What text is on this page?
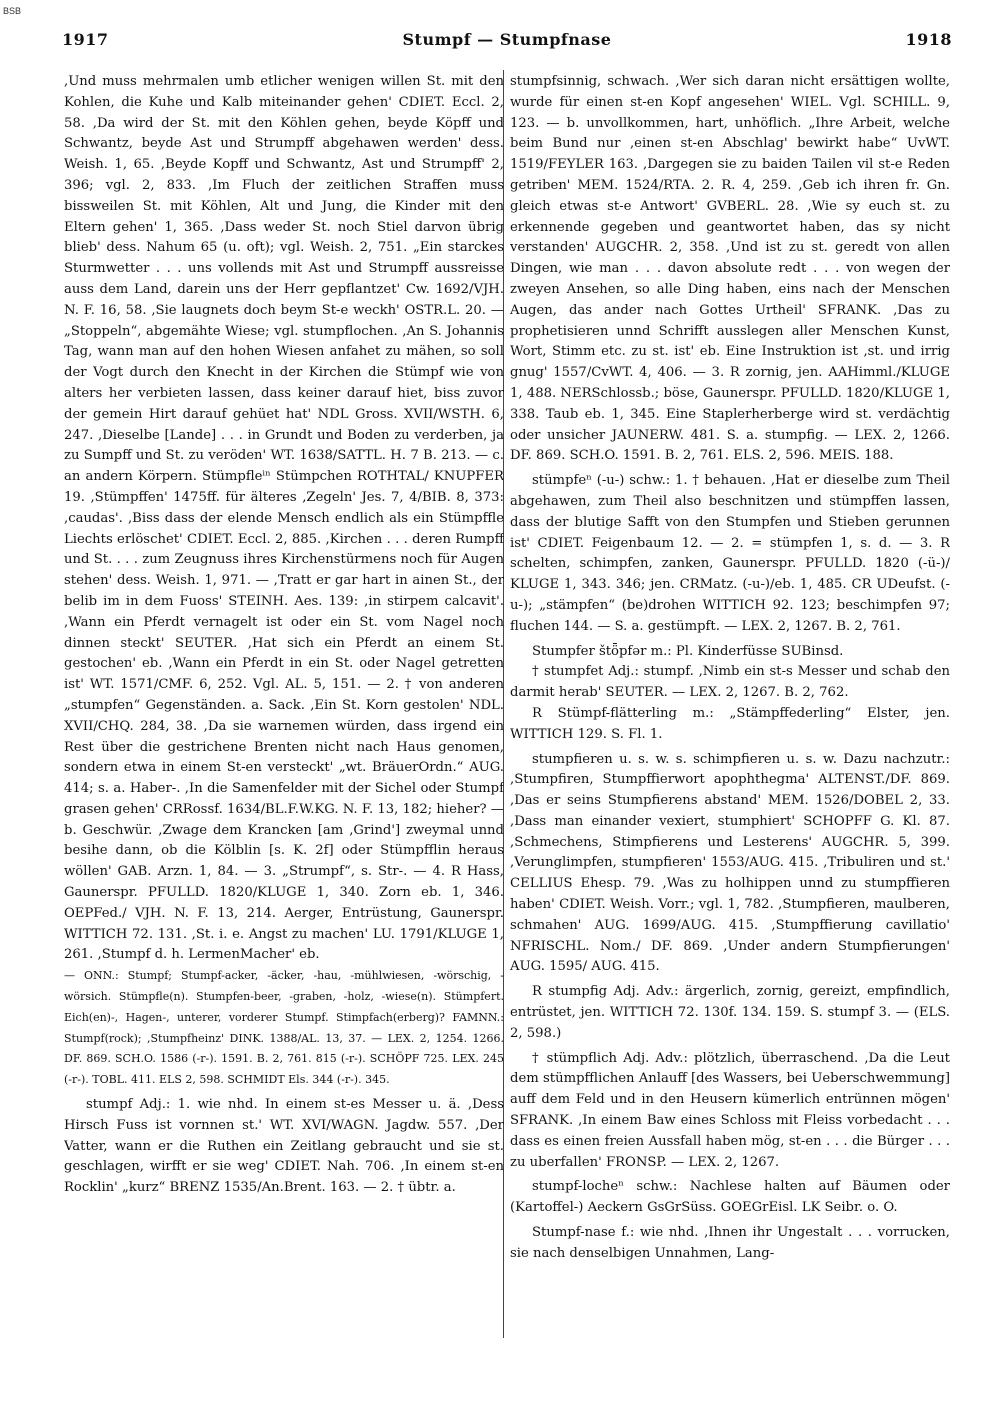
BSB
1917	Stumpf — Stumpfnase	1918

,Und muss mehrmalen umb etlicher wenigen willen St. mit den Kohlen, die Kuhe und Kalb miteinander gehen' CDIET. Eccl. 2, 58. ,Da wird der St. mit den Köhlen gehen, beyde Köpff und Schwantz, beyde Ast und Strumpff abgehawen werden' dess. Weish. 1, 65. ,Beyde Kopff und Schwantz, Ast und Strumpff' 2, 396; vgl. 2, 833. ,Im Fluch der zeitlichen Straffen muss bissweilen St. mit Köhlen, Alt und Jung, die Kinder mit den Eltern gehen' 1, 365. ,Dass weder St. noch Stiel darvon übrig blieb' dess. Nahum 65 (u. oft); vgl. Weish. 2, 751. „Ein starckes Sturmwetter . . . uns vollends mit Ast und Strumpff aussreisse auss dem Land, darein uns der Herr gepflantzet' Cw. 1692/VJH. N. F. 16, 58. ,Sie laugnets doch beym St-e weckh' OSTR.L. 20. — „Stoppeln“, abgemähte Wiese; vgl. stumpflochen. ,An S. Johannis Tag, wann man auf den hohen Wiesen anfahet zu mähen, so soll der Vogt durch den Knecht in der Kirchen die Stümpf wie von alters her verbieten lassen, dass keiner darauf hiet, biss zuvor der gemein Hirt darauf gehüet hat' NDL Gross. XVII/WSTH. 6, 247. ,Dieselbe [Lande] . . . in Grundt und Boden zu verderben, ja zu Sumpff und St. zu veröden' WT. 1638/SATTL. H. 7 B. 213. — c. an andern Körpern. Stümpfleⁱⁿ Stümpchen ROTHTAL/ KNUPFER 19. ,Stümpffen' 1475ff. für älteres ,Zegeln' Jes. 7, 4/BIB. 8, 373: ,caudas'. ,Biss dass der elende Mensch endlich als ein Stümpffle Liechts erlöschet' CDIET. Eccl. 2, 885. ,Kirchen . . . deren Rumpff und St. . . . zum Zeugnuss ihres Kirchenstürmens noch für Augen stehen' dess. Weish. 1, 971. — ,Tratt er gar hart in ainen St., der belib im in dem Fuoss' STEINH. Aes. 139: ,in stirpem calcavit'. ,Wann ein Pferdt vernagelt ist oder ein St. vom Nagel noch dinnen steckt' SEUTER. ,Hat sich ein Pferdt an einem St. gestochen' eb. ,Wann ein Pferdt in ein St. oder Nagel getretten ist' WT. 1571/CMF. 6, 252. Vgl. AL. 5, 151. — 2. † von anderen „stumpfen“ Gegenständen. a. Sack. ,Ein St. Korn gestolen' NDL. XVII/CHQ. 284, 38. ,Da sie warnemen würden, dass irgend ein Rest über die gestrichene Brenten nicht nach Haus genomen, sondern etwa in einem St-en versteckt' „wt. BräuerOrdn.“ AUG. 414; s. a. Haber-. ,In die Samenfelder mit der Sichel oder Stumpf grasen gehen' CRRossf. 1634/BL.F.W.KG. N. F. 13, 182; hieher? — b. Geschwür. ,Zwage dem Krancken [am ,Grind'] zweymal unnd besihe dann, ob die Kölblin [s. K. 2f] oder Stümpfflin heraus wöllen' GAB. Arzn. 1, 84. — 3. „Strumpf“, s. Str-. — 4. R Hass, Gaunerspr. PFULLD. 1820/KLUGE 1, 340. Zorn eb. 1, 346. OEPFed./ VJH. N. F. 13, 214. Aerger, Entrüstung, Gaunerspr. WITTICH 72. 131. ,St. i. e. Angst zu machen' LU. 1791/KLUGE 1, 261. ,Stumpf d. h. LermenMacher' eb.

— ONN.: Stumpf; Stumpf-acker, -äcker, -hau, -mühlwiesen, -wörschig, -wörsich. Stümpfle(n). Stumpfen-beer, -graben, -holz, -wiese(n). Stümpfert. Eich(en)-, Hagen-, unterer, vorderer Stumpf. Stimpfach(erberg)? FAMNN.: Stumpf(rock); ,Stumpfheinz' DINK. 1388/AL. 13, 37. — LEX. 2, 1254. 1266. DF. 869. SCH.O. 1586 (-r-). 1591. B. 2, 761. 815 (-r-). SCHÖPF 725. LEX. 245 (-r-). TOBL. 411. ELS 2, 598. SCHMIDT Els. 344 (-r-). 345.

stumpf Adj.: 1. wie nhd. In einem st-es Messer u. ä. ,Dess Hirsch Fuss ist vornnen st.' WT. XVI/WAGN. Jagdw. 557. ,Der Vatter, wann er die Ruthen ein Zeitlang gebraucht und sie st. geschlagen, wirfft er sie weg' CDIET. Nah. 706. ,In einem st-en Rocklin' „kurz“ BRENZ 1535/An.Brent. 163. — 2. † übtr. a.

stumpfsinnig, schwach. ,Wer sich daran nicht ersättigen wollte, wurde für einen st-en Kopf angesehen' WIEL. Vgl. SCHILL. 9, 123. — b. unvollkommen, hart, unhöflich. „Ihre Arbeit, welche beim Bund nur ,einen st-en Abschlag' bewirkt habe“ UvWT. 1519/FEYLER 163. ,Dargegen sie zu baiden Tailen vil st-e Reden getriben' MEM. 1524/RTA. 2. R. 4, 259. ,Geb ich ihren fr. Gn. gleich etwas st-e Antwort' GVBERL. 28. ,Wie sy euch st. zu erkennende gegeben und geantwortet haben, das sy nicht verstanden' AUGCHR. 2, 358. ,Und ist zu st. geredt von allen Dingen, wie man . . . davon absolute redt . . . von wegen der zweyen Ansehen, so alle Ding haben, eins nach der Menschen Augen, das ander nach Gottes Urtheil' SFRANK. ,Das zu prophetisieren unnd Schrifft ausslegen aller Menschen Kunst, Wort, Stimm etc. zu st. ist' eb. Eine Instruktion ist ,st. und irrig gnug' 1557/CvWT. 4, 406. — 3. R zornig, jen. AAHimml./KLUGE 1, 488. NERSchlossb.; böse, Gaunerspr. PFULLD. 1820/KLUGE 1, 338. Taub eb. 1, 345. Eine Staplerherberge wird st. verdächtig oder unsicher JAUNERW. 481. S. a. stumpfig. — LEX. 2, 1266. DF. 869. SCH.O. 1591. B. 2, 761. ELS. 2, 596. MEIS. 188.

stümpfeⁿ (-u-) schw.: 1. † behauen. ,Hat er dieselbe zum Theil abgehawen, zum Theil also beschnitzen und stümpffen lassen, dass der blutige Safft von den Stumpfen und Stieben gerunnen ist' CDIET. Feigenbaum 12. — 2. = stümpfen 1, s. d. — 3. R schelten, schimpfen, zanken, Gaunerspr. PFULLD. 1820 (-ü-)/ KLUGE 1, 343. 346; jen. CRMatz. (-u-)/eb. 1, 485. CR UDeufst. (-u-); „stämpfen“ (be)drohen WITTICH 92. 123; beschimpfen 97; fluchen 144. — S. a. gestümpft. — LEX. 2, 1267. B. 2, 761.

Stumpfer štȫpfər m.: Pl. Kinderfüsse SUBinsd.

† stumpfet Adj.: stumpf. ,Nimb ein st-s Messer und schab den darmit herab' SEUTER. — LEX. 2, 1267. B. 2, 762.

R Stümpf-flätterling m.: „Stämpffederling“ Elster, jen. WITTICH 129. S. Fl. 1.

stumpfieren u. s. w. s. schimpfieren u. s. w. Dazu nachzutr.: ,Stumpfiren, Stumpffierwort apophthegma' ALTENST./DF. 869. ,Das er seins Stumpfierens abstand' MEM. 1526/DOBEL 2, 33. ,Dass man einander vexiert, stumphiert' SCHOPFF G. Kl. 87. ,Schmechens, Stimpfierens und Lesterens' AUGCHR. 5, 399. ,Verunglimpfen, stumpfieren' 1553/AUG. 415. ,Tribuliren und st.' CELLIUS Ehesp. 79. ,Was zu holhippen unnd zu stumpffieren haben' CDIET. Weish. Vorr.; vgl. 1, 782. ,Stumpfieren, maulberen, schmahen' AUG. 1699/AUG. 415. ,Stumpffierung cavillatio' NFRISCHL. Nom./ DF. 869. ,Under andern Stumpfierungen' AUG. 1595/ AUG. 415.

R stumpfig Adj. Adv.: ärgerlich, zornig, gereizt, empfindlich, entrüstet, jen. WITTICH 72. 130f. 134. 159. S. stumpf 3. — (ELS. 2, 598.)

† stümpflich Adj. Adv.: plötzlich, überraschend. ,Da die Leut dem stümpfflichen Anlauff [des Wassers, bei Ueberschwemmung] auff dem Feld und in den Heusern kümerlich entrünnen mögen' SFRANK. ,In einem Baw eines Schloss mit Fleiss vorbedacht . . . dass es einen freien Aussfall haben mög, st-en . . . die Bürger . . . zu uberfallen' FRONSP. — LEX. 2, 1267.

stumpf-locheⁿ schw.: Nachlese halten auf Bäumen oder (Kartoffel-) Aeckern GsGrSüss. GOEGrEisl. LK Seibr. o. O.

Stumpf-nase f.: wie nhd. ,Ihnen ihr Ungestalt . . . vorrucken, sie nach denselbigen Unnahmen, Lang-
